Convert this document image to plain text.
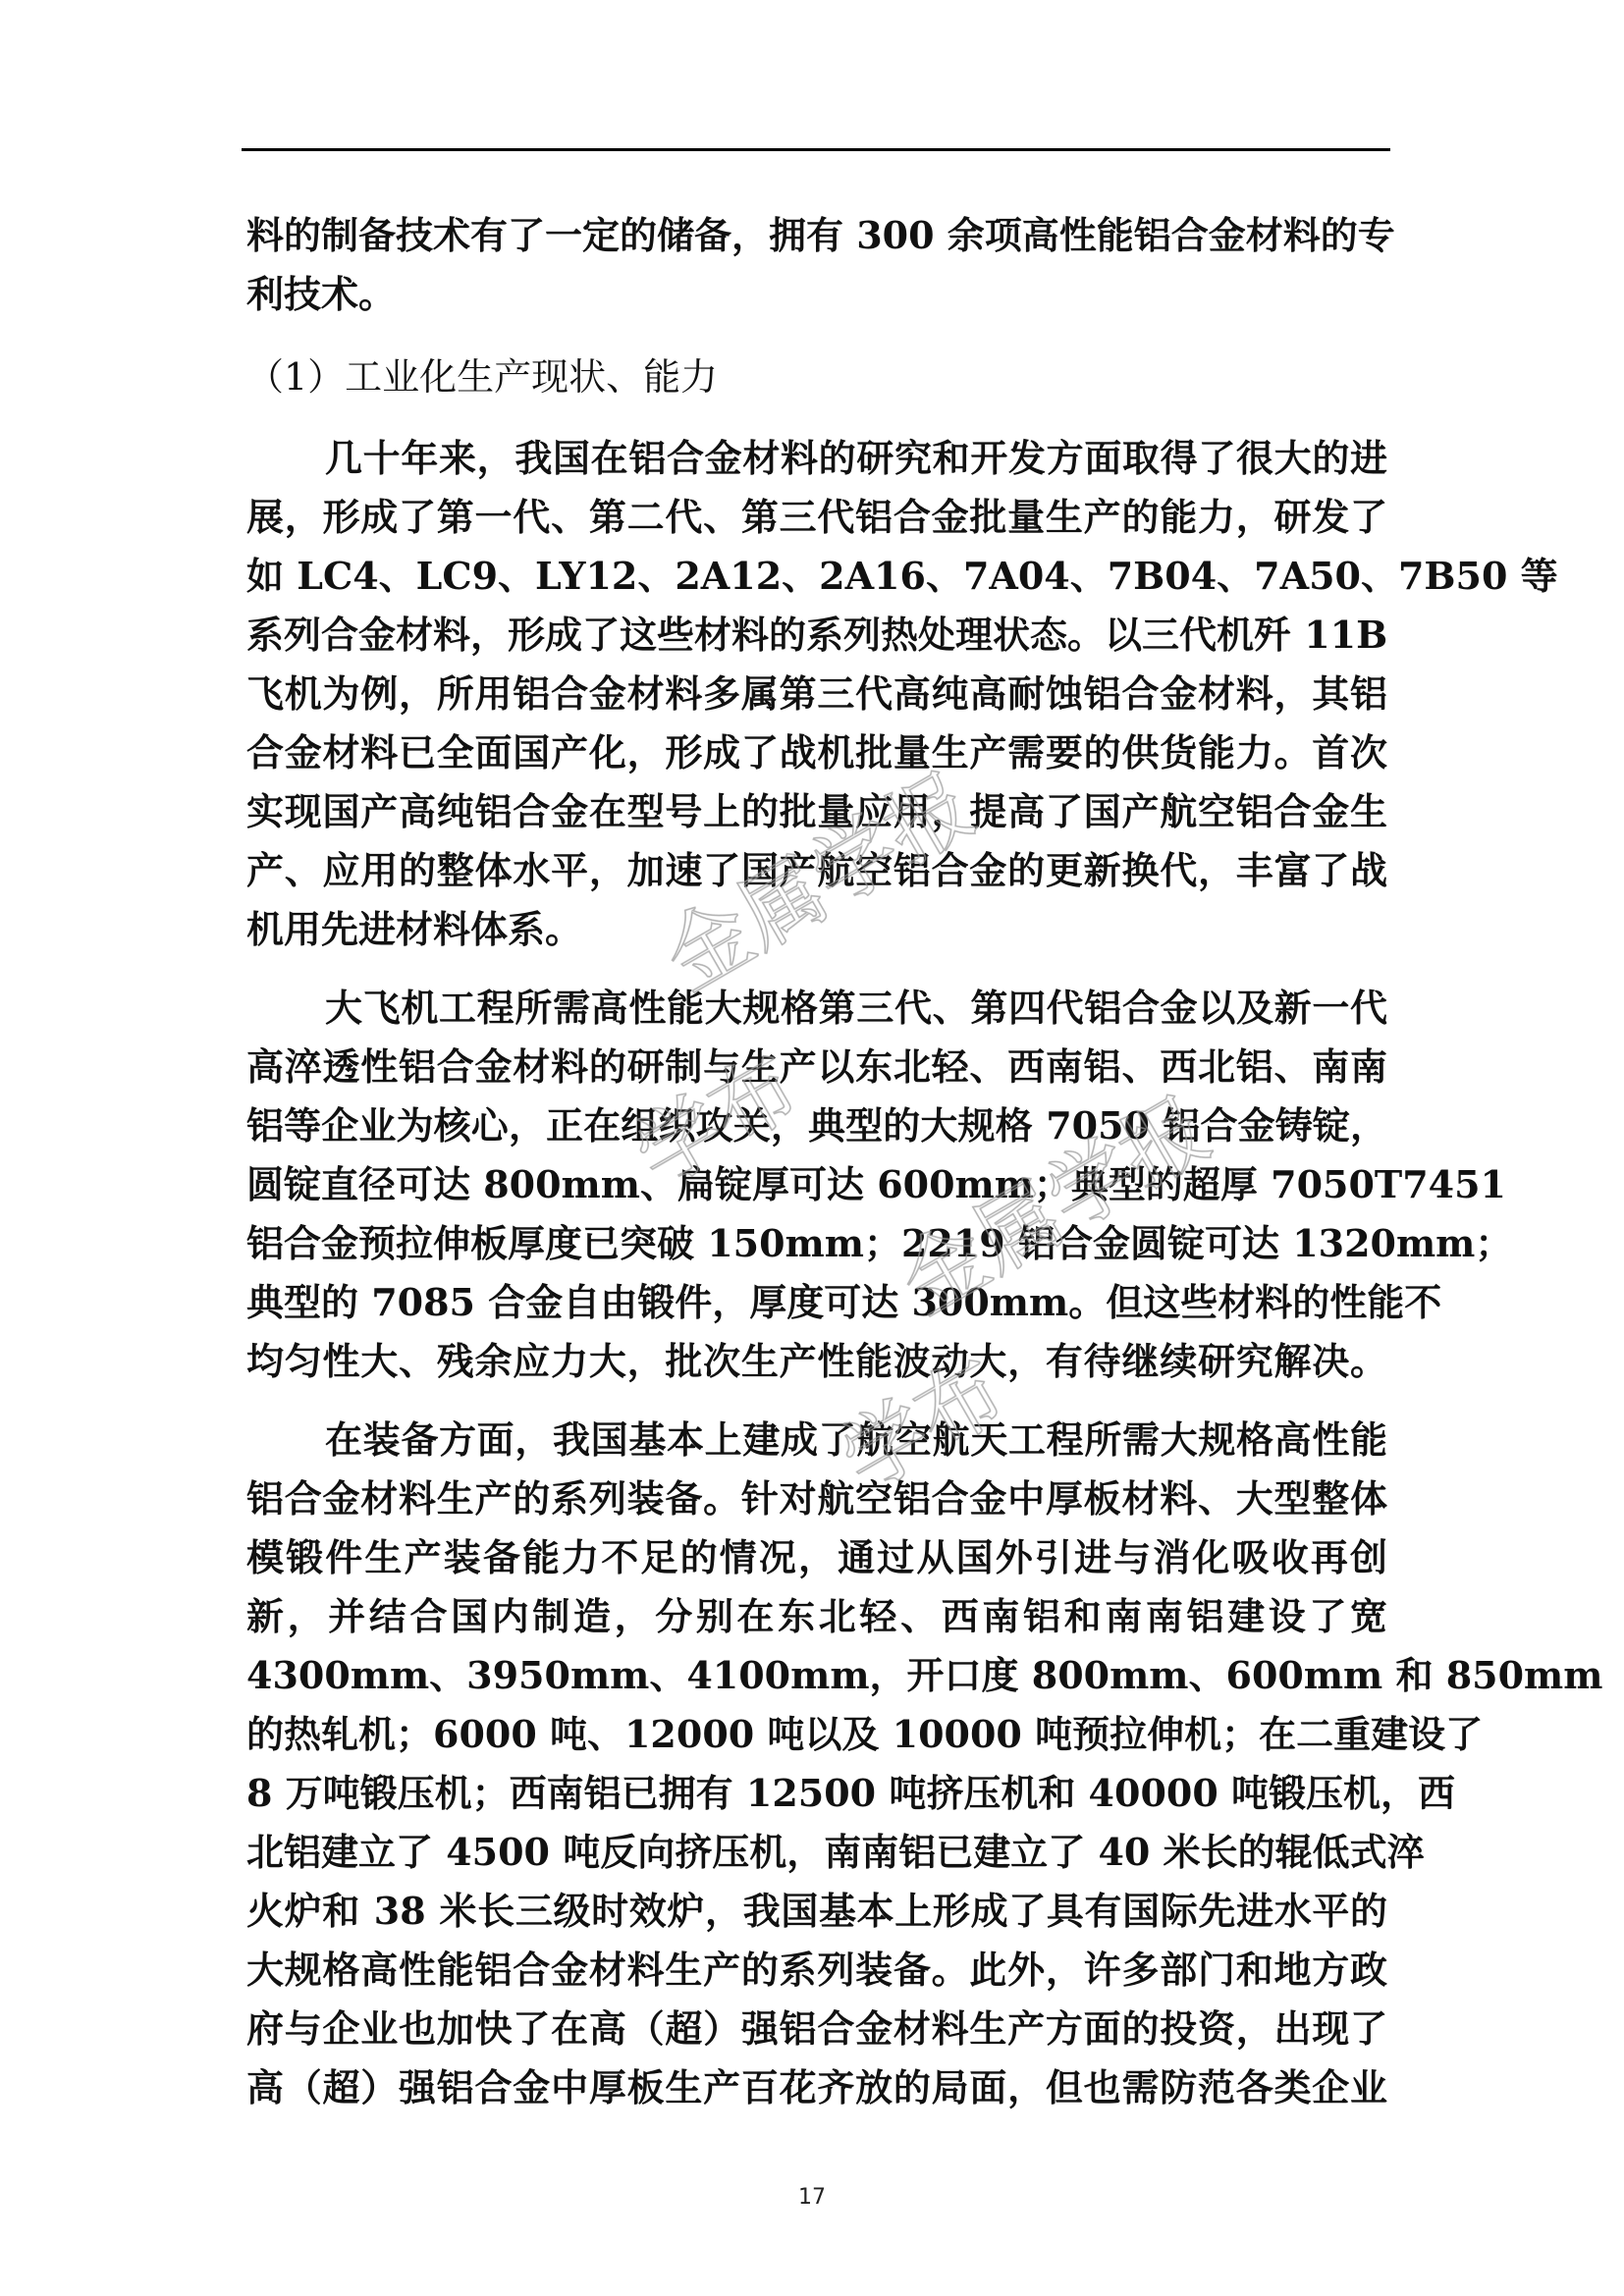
料的制备技术有了一定的储备，拥有 300 余项高性能铝合金材料的专
利技术。
（1）工业化生产现状、能力
几十年来，我国在铝合金材料的研究和开发方面取得了很大的进
展，形成了第一代、第二代、第三代铝合金批量生产的能力，研发了
如 LC4、LC9、LY12、2A12、2A16、7A04、7B04、7A50、7B50 等
系列合金材料，形成了这些材料的系列热处理状态。以三代机歼 11B
飞机为例，所用铝合金材料多属第三代高纯高耐蚀铝合金材料，其铝
合金材料已全面国产化，形成了战机批量生产需要的供货能力。首次
实现国产高纯铝合金在型号上的批量应用，提高了国产航空铝合金生
产、应用的整体水平，加速了国产航空铝合金的更新换代，丰富了战
机用先进材料体系。
大飞机工程所需高性能大规格第三代、第四代铝合金以及新一代
高淬透性铝合金材料的研制与生产以东北轻、西南铝、西北铝、南南
铝等企业为核心，正在组织攻关，典型的大规格 7050 铝合金铸锭，
圆锭直径可达 800mm、扁锭厚可达 600mm；典型的超厚 7050T7451
铝合金预拉伸板厚度已突破 150mm；2219 铝合金圆锭可达 1320mm；
典型的 7085 合金自由锻件，厚度可达 300mm。但这些材料的性能不
均匀性大、残余应力大，批次生产性能波动大，有待继续研究解决。
在装备方面，我国基本上建成了航空航天工程所需大规格高性能
铝合金材料生产的系列装备。针对航空铝合金中厚板材料、大型整体
模锻件生产装备能力不足的情况，通过从国外引进与消化吸收再创
新，并结合国内制造，分别在东北轻、西南铝和南南铝建设了宽
4300mm、3950mm、4100mm，开口度 800mm、600mm 和 850mm
的热轧机；6000 吨、12000 吨以及 10000 吨预拉伸机；在二重建设了
8 万吨锻压机；西南铝已拥有 12500 吨挤压机和 40000 吨锻压机，西
北铝建立了 4500 吨反向挤压机，南南铝已建立了 40 米长的辊低式淬
火炉和 38 米长三级时效炉，我国基本上形成了具有国际先进水平的
大规格高性能铝合金材料生产的系列装备。此外，许多部门和地方政
府与企业也加快了在高（超）强铝合金材料生产方面的投资，出现了
高（超）强铝合金中厚板生产百花齐放的局面，但也需防范各类企业
金属学报
学布 金属学报
学布
17
